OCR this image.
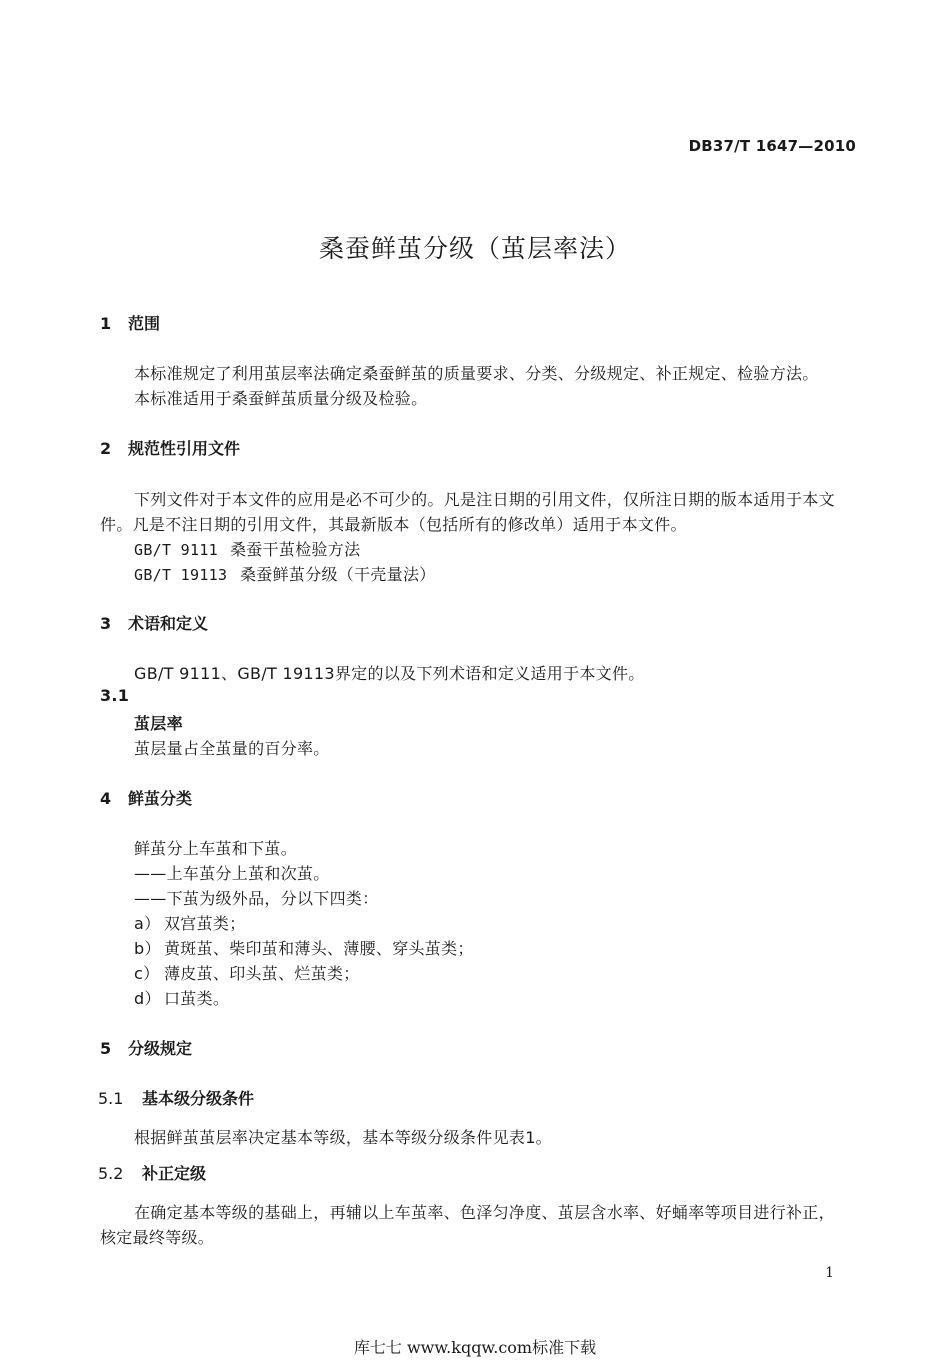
DB37/T 1647—2010
桑蚕鲜茧分级（茧层率法）
1 范围
本标准规定了利用茧层率法确定桑蚕鲜茧的质量要求、分类、分级规定、补正规定、检验方法。
本标准适用于桑蚕鲜茧质量分级及检验。
2 规范性引用文件
下列文件对于本文件的应用是必不可少的。凡是注日期的引用文件，仅所注日期的版本适用于本文
件。凡是不注日期的引用文件，其最新版本（包括所有的修改单）适用于本文件。
GB/T 9111 桑蚕干茧检验方法
GB/T 19113 桑蚕鲜茧分级（干壳量法）
3 术语和定义
GB/T 9111、GB/T 19113界定的以及下列术语和定义适用于本文件。
3.1
茧层率
茧层量占全茧量的百分率。
4 鲜茧分类
鲜茧分上车茧和下茧。
——上车茧分上茧和次茧。
——下茧为级外品，分以下四类：
a） 双宫茧类；
b） 黄斑茧、柴印茧和薄头、薄腰、穿头茧类；
c） 薄皮茧、印头茧、烂茧类；
d） 口茧类。
5 分级规定
5.1 基本级分级条件
根据鲜茧茧层率决定基本等级，基本等级分级条件见表1。
5.2 补正定级
在确定基本等级的基础上，再辅以上车茧率、色泽匀净度、茧层含水率、好蛹率等项目进行补正，
核定最终等级。
1
库七七 www.kqqw.com标准下载
